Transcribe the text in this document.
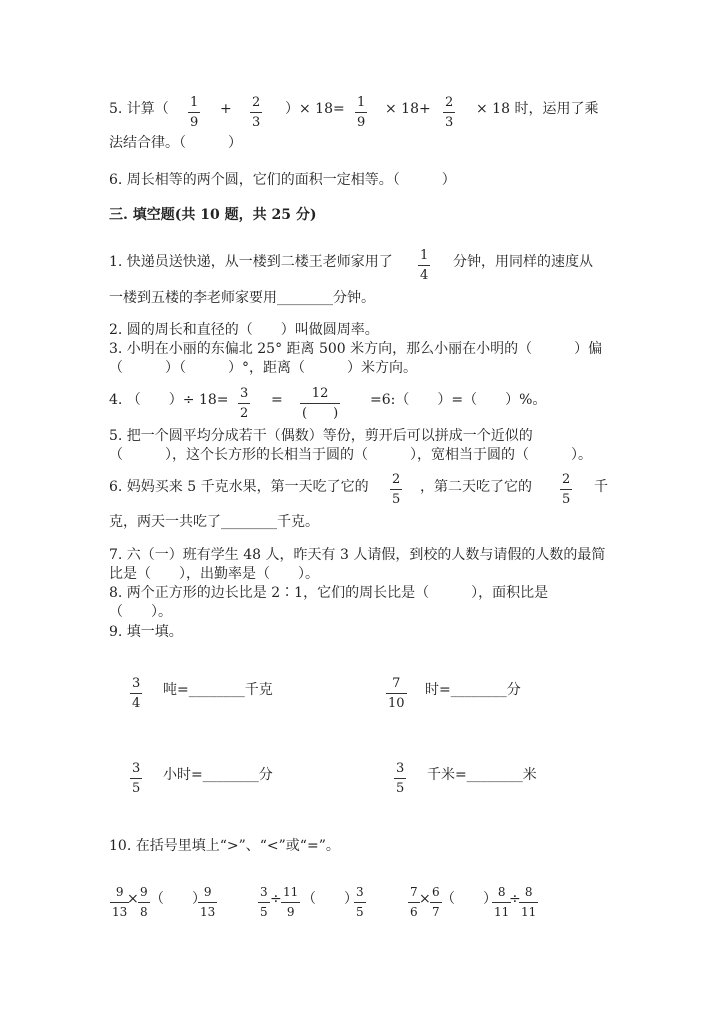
5. 计算（ 1
9
+ 2
3
）× 18= 1
9
× 18+ 2
3
× 18 时，运用了乘
法结合律。（　　　）
6. 周长相等的两个圆，它们的面积一定相等。（　　　）
三. 填空题(共 10 题，共 25 分)
1. 快递员送快递，从一楼到二楼王老师家用了 1
4
分钟，用同样的速度从
一楼到五楼的李老师家要用________分钟。
2. 圆的周长和直径的（　　）叫做圆周率。
3. 小明在小丽的东偏北 25° 距离 500 米方向，那么小丽在小明的（　　　）偏
（　　　）（　　　）°，距离（　　　）米方向。
4. （　　）÷ 18= 3
2
= 12
(　　)
=6:（　　）=（　　）%。
5. 把一个圆平均分成若干（偶数）等份，剪开后可以拼成一个近似的
（　　　），这个长方形的长相当于圆的（　　　），宽相当于圆的（　　　）。
6. 妈妈买来 5 千克水果，第一天吃了它的 2
5
，第二天吃了它的 2
5
千
克，两天一共吃了________千克。
7. 六（一）班有学生 48 人，昨天有 3 人请假，到校的人数与请假的人数的最简
比是（　　），出勤率是（　　）。
8. 两个正方形的边长比是 2∶1，它们的周长比是（　　　），面积比是
（　　）。
9. 填一填。
3
4
吨=________千克	7
10
时=________分
3
5
小时=________分	3
5
千米=________米
10. 在括号里填上“>”、“<”或“=”。
9
13
× 9
8
（　　）
9
13
3
5
÷ 11
9
（　　）
3
5
7
6
× 6
7
（　　） 8
11
÷ 8
11
